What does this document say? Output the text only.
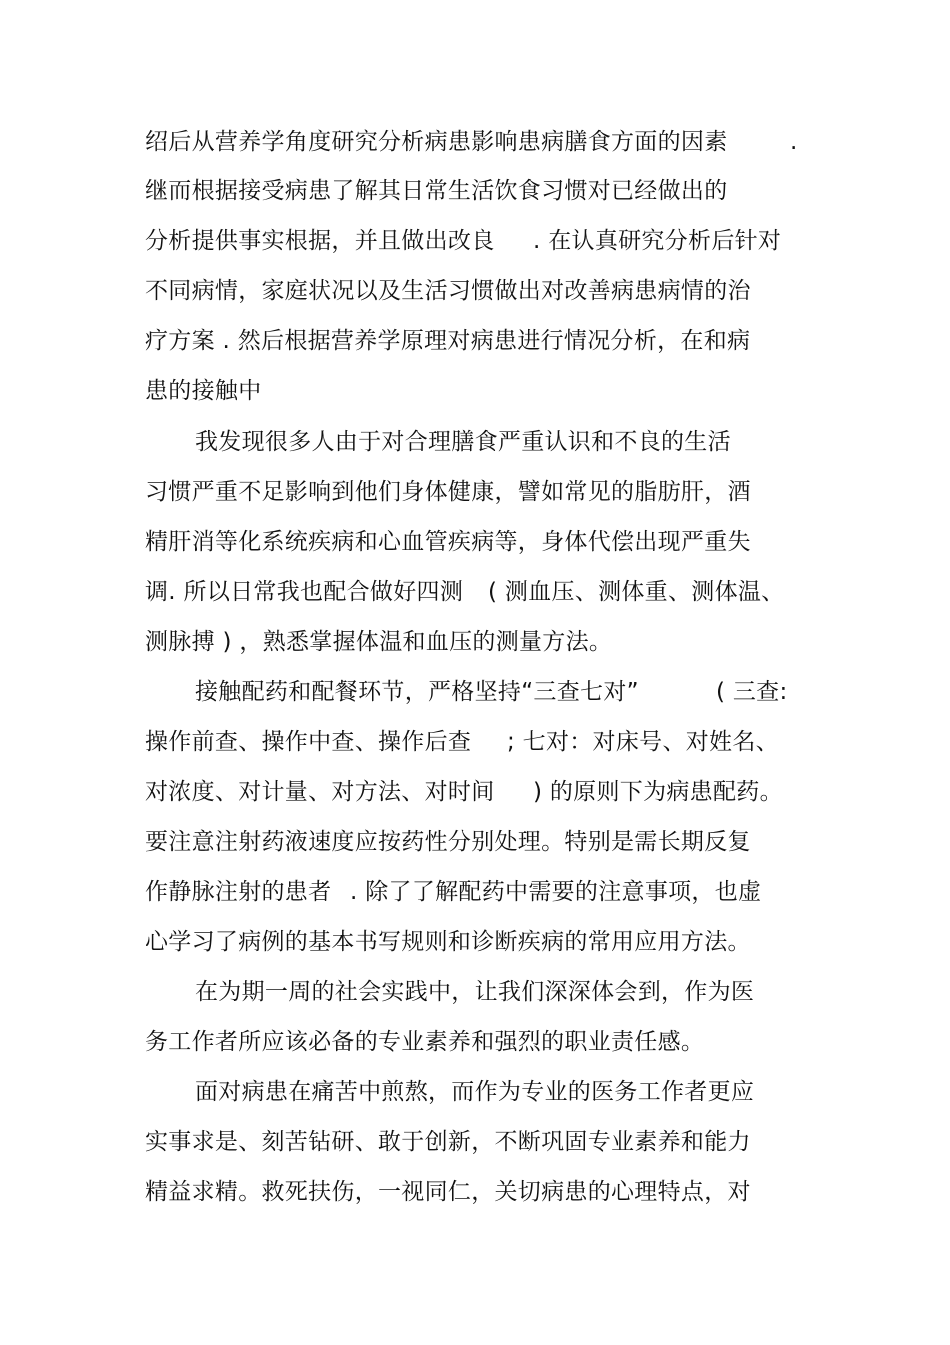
绍后从营养学角度研究分析病患影响患病膳食方面的因素	.
继而根据接受病患了解其日常生活饮食习惯对已经做出的
分析提供事实根据，并且做出改良 . 在认真研究分析后针对
不同病情，家庭状况以及生活习惯做出对改善病患病情的治
疗方案 . 然后根据营养学原理对病患进行情况分析，在和病
患的接触中
我发现很多人由于对合理膳食严重认识和不良的生活
习惯严重不足影响到他们身体健康，譬如常见的脂肪肝，酒
精肝消等化系统疾病和心血管疾病等，身体代偿出现严重失
调. 所以日常我也配合做好四测 ( 测血压、测体重、测体温、
测脉搏 ) ，熟悉掌握体温和血压的测量方法。
接触配药和配餐环节，严格坚持“三查七对”	( 三查:
操作前查、操作中查、操作后查 ; 七对：对床号、对姓名、
对浓度、对计量、对方法、对时间 ) 的原则下为病患配药。
要注意注射药液速度应按药性分别处理。特别是需长期反复
作静脉注射的患者 . 除了了解配药中需要的注意事项，也虚
心学习了病例的基本书写规则和诊断疾病的常用应用方法。
在为期一周的社会实践中，让我们深深体会到，作为医
务工作者所应该必备的专业素养和强烈的职业责任感。
面对病患在痛苦中煎熬，而作为专业的医务工作者更应
实事求是、刻苦钻研、敢于创新，不断巩固专业素养和能力
精益求精。救死扶伤，一视同仁，关切病患的心理特点，对
